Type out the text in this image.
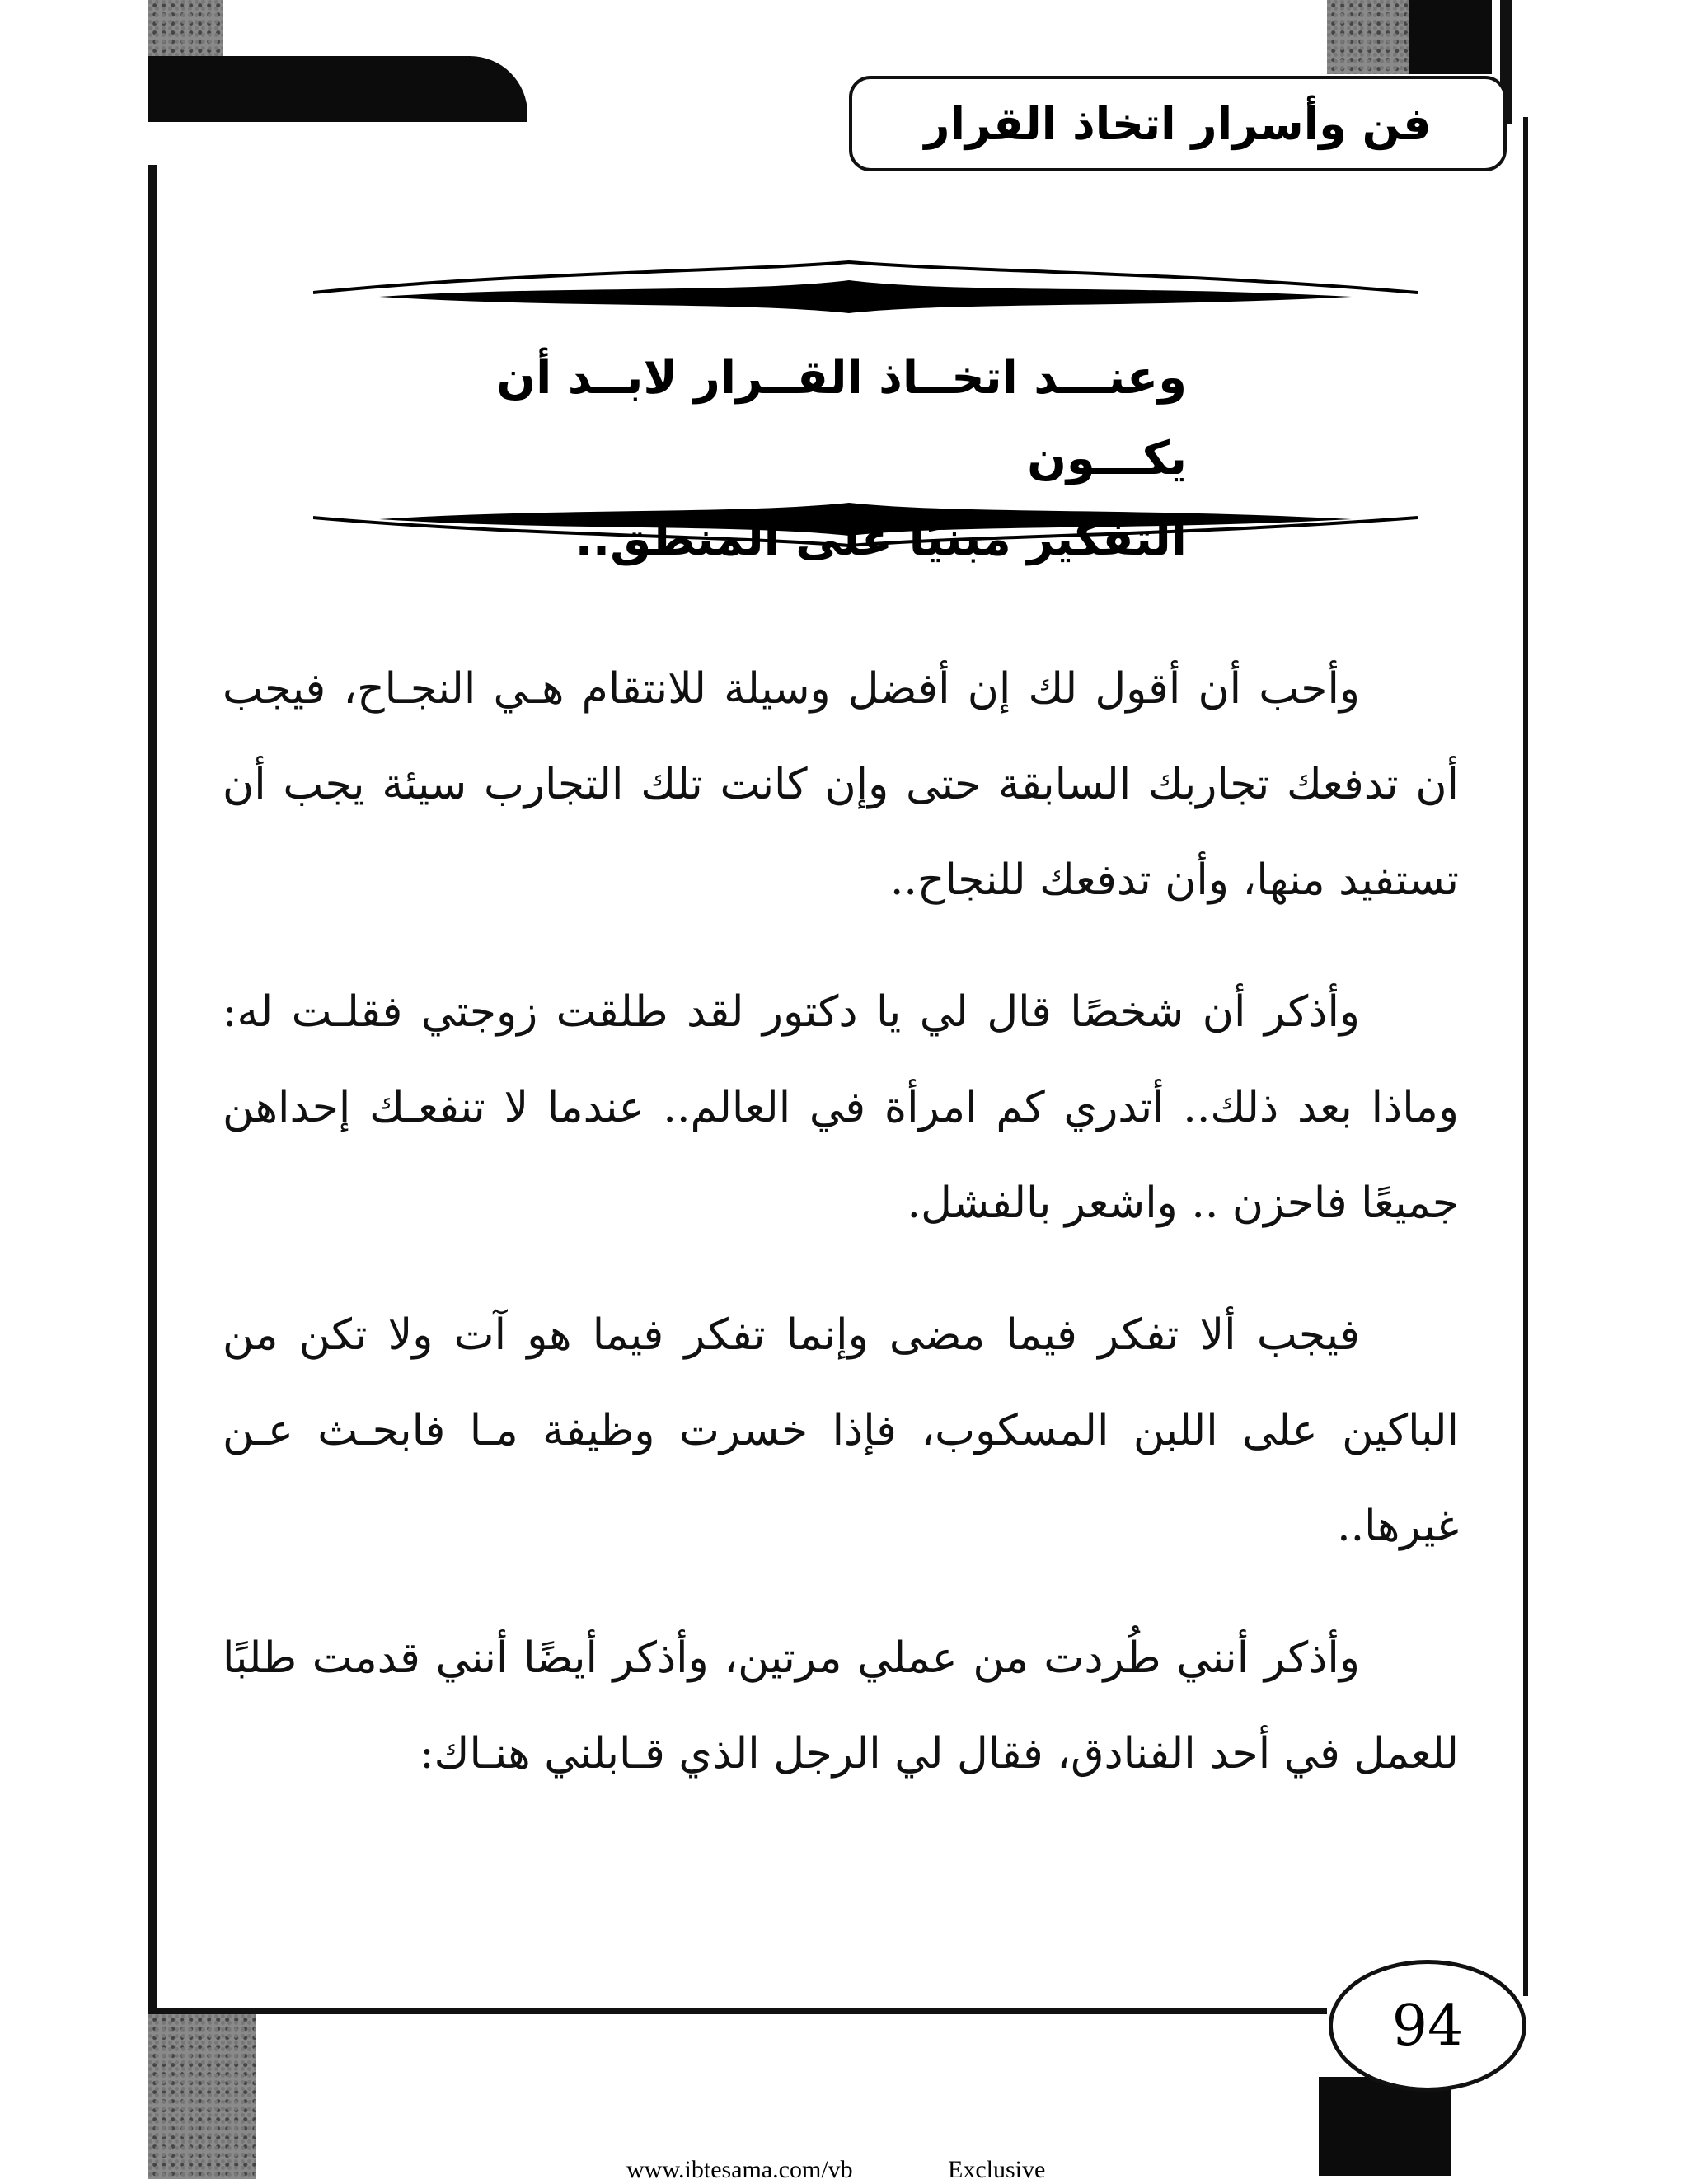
فن وأسرار اتخاذ القرار
وعنـــد اتخــاذ القــرار لابــد أن يكـــون
التفكير مبنيًا على المنطق..

وأحب أن أقول لك إن أفضل وسيلة للانتقام هـي النجـاح، فيجب أن تدفعك تجاربك السابقة حتى وإن كانت تلك التجارب سيئة يجب أن تستفيد منها، وأن تدفعك للنجاح..

وأذكر أن شخصًا قال لي يا دكتور لقد طلقت زوجتي فقلـت له: وماذا بعد ذلك.. أتدري كم امرأة في العالم.. عندما لا تنفعـك إحداهن جميعًا فاحزن .. واشعر بالفشل.

فيجب ألا تفكر فيما مضى وإنما تفكر فيما هو آت ولا تكن من الباكين على اللبن المسكوب، فإذا خسرت وظيفة مـا فابحـث عـن غيرها..

وأذكر أنني طُردت من عملي مرتين، وأذكر أيضًا أنني قدمت طلبًا للعمل في أحد الفنادق، فقال لي الرجل الذي قـابلني هنـاك:

94
www.ibtesama.com/vb	Exclusive
